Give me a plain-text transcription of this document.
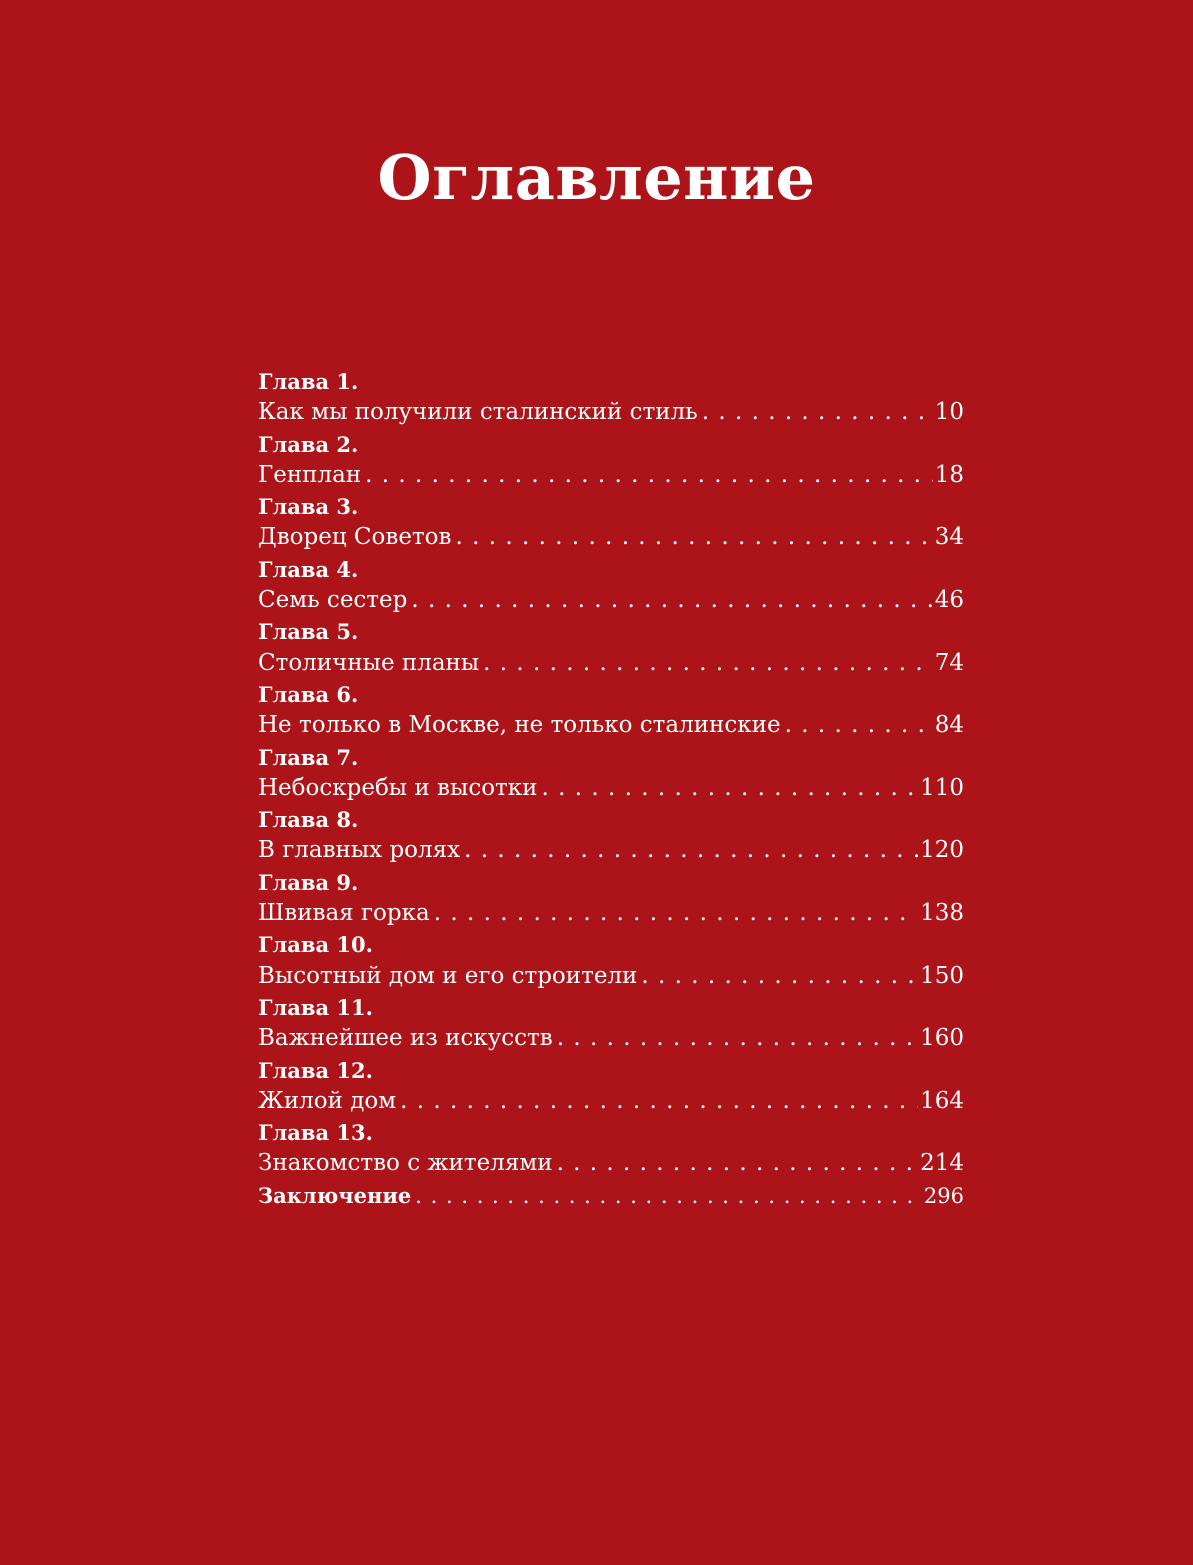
Оглавление
Глава 1.
Как мы получили сталинский стиль . . .	10
Глава 2.
Генплан . . .	18
Глава 3.
Дворец Советов . . .	34
Глава 4.
Семь сестер . . .	46
Глава 5.
Столичные планы . . .	74
Глава 6.
Не только в Москве, не только сталинские . . .	84
Глава 7.
Небоскребы и высотки . . .	110
Глава 8.
В главных ролях . . .	120
Глава 9.
Швивая горка . . .	138
Глава 10.
Высотный дом и его строители . . .	150
Глава 11.
Важнейшее из искусств . . .	160
Глава 12.
Жилой дом . . .	164
Глава 13.
Знакомство с жителями . . .	214
Заключение . . .	296
